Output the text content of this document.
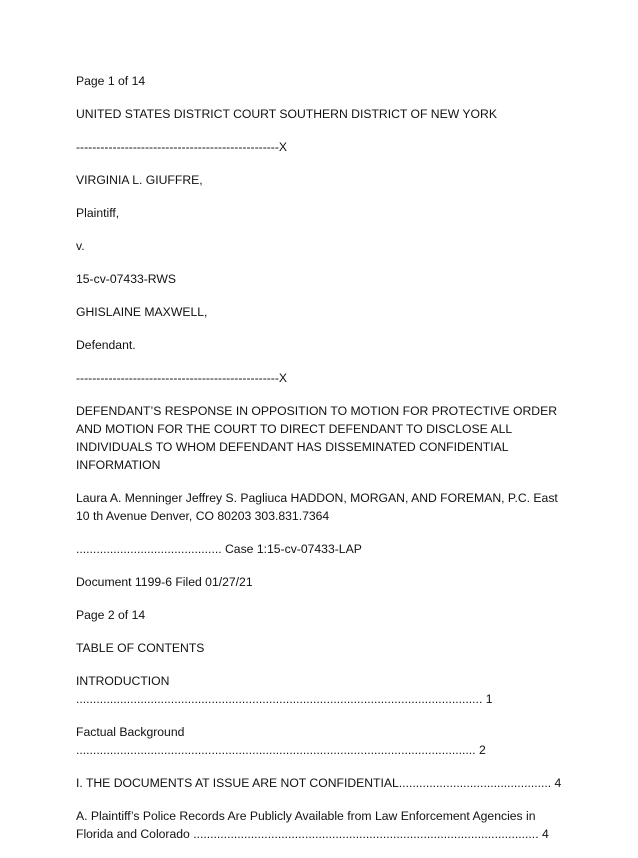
Page 1 of 14

UNITED STATES DISTRICT COURT SOUTHERN DISTRICT OF NEW YORK

--------------------------------------------------X

VIRGINIA L. GIUFFRE,

Plaintiff,

v.

15-cv-07433-RWS

GHISLAINE MAXWELL,

Defendant.

--------------------------------------------------X

DEFENDANT’S RESPONSE IN OPPOSITION TO MOTION FOR PROTECTIVE ORDER AND MOTION FOR THE COURT TO DIRECT DEFENDANT TO DISCLOSE ALL INDIVIDUALS TO WHOM DEFENDANT HAS DISSEMINATED CONFIDENTIAL INFORMATION

Laura A. Menninger Jeffrey S. Pagliuca HADDON, MORGAN, AND FOREMAN, P.C. East 10 th Avenue Denver, CO 80203 303.831.7364

........................................... Case 1:15-cv-07433-LAP

Document 1199-6 Filed 01/27/21

Page 2 of 14

TABLE OF CONTENTS

INTRODUCTION ........................................................................................................................ 1

Factual Background ...................................................................................................................... 2

I. THE DOCUMENTS AT ISSUE ARE NOT CONFIDENTIAL............................................. 4

A. Plaintiff’s Police Records Are Publicly Available from Law Enforcement Agencies in Florida and Colorado ...................................................................................................... 4
